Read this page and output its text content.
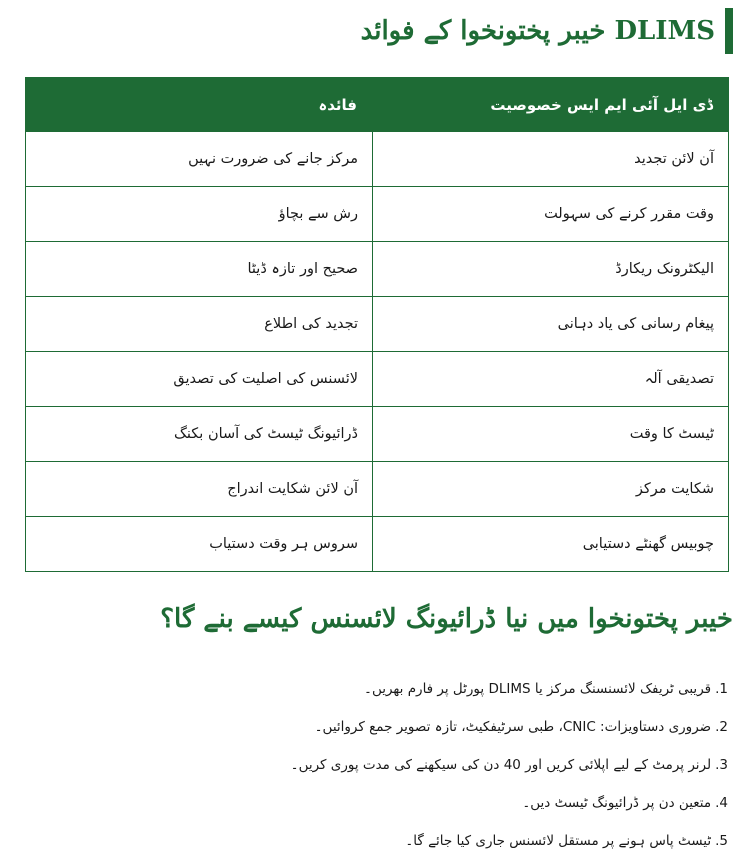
DLIMS خیبر پختونخوا کے فوائد
ڈی ایل آئی ایم ایس خصوصیت	فائدہ
آن لائن تجدید	مرکز جانے کی ضرورت نہیں
وقت مقرر کرنے کی سہولت	رش سے بچاؤ
الیکٹرونک ریکارڈ	صحیح اور تازہ ڈیٹا
پیغام رسانی کی یاد دہانی	تجدید کی اطلاع
تصدیقی آلہ	لائسنس کی اصلیت کی تصدیق
ٹیسٹ کا وقت	ڈرائیونگ ٹیسٹ کی آسان بکنگ
شکایت مرکز	آن لائن شکایت اندراج
چوبیس گھنٹے دستیابی	سروس ہر وقت دستیاب
خیبر پختونخوا میں نیا ڈرائیونگ لائسنس کیسے بنے گا؟
1.
قریبی ٹریفک لائسنسنگ مرکز یا DLIMS پورٹل پر فارم بھریں۔
2.
ضروری دستاویزات: CNIC، طبی سرٹیفکیٹ، تازہ تصویر جمع کروائیں۔
3.
لرنر پرمٹ کے لیے اپلائی کریں اور 40 دن کی سیکھنے کی مدت پوری کریں۔
4.
متعین دن پر ڈرائیونگ ٹیسٹ دیں۔
5.
ٹیسٹ پاس ہونے پر مستقل لائسنس جاری کیا جائے گا۔
